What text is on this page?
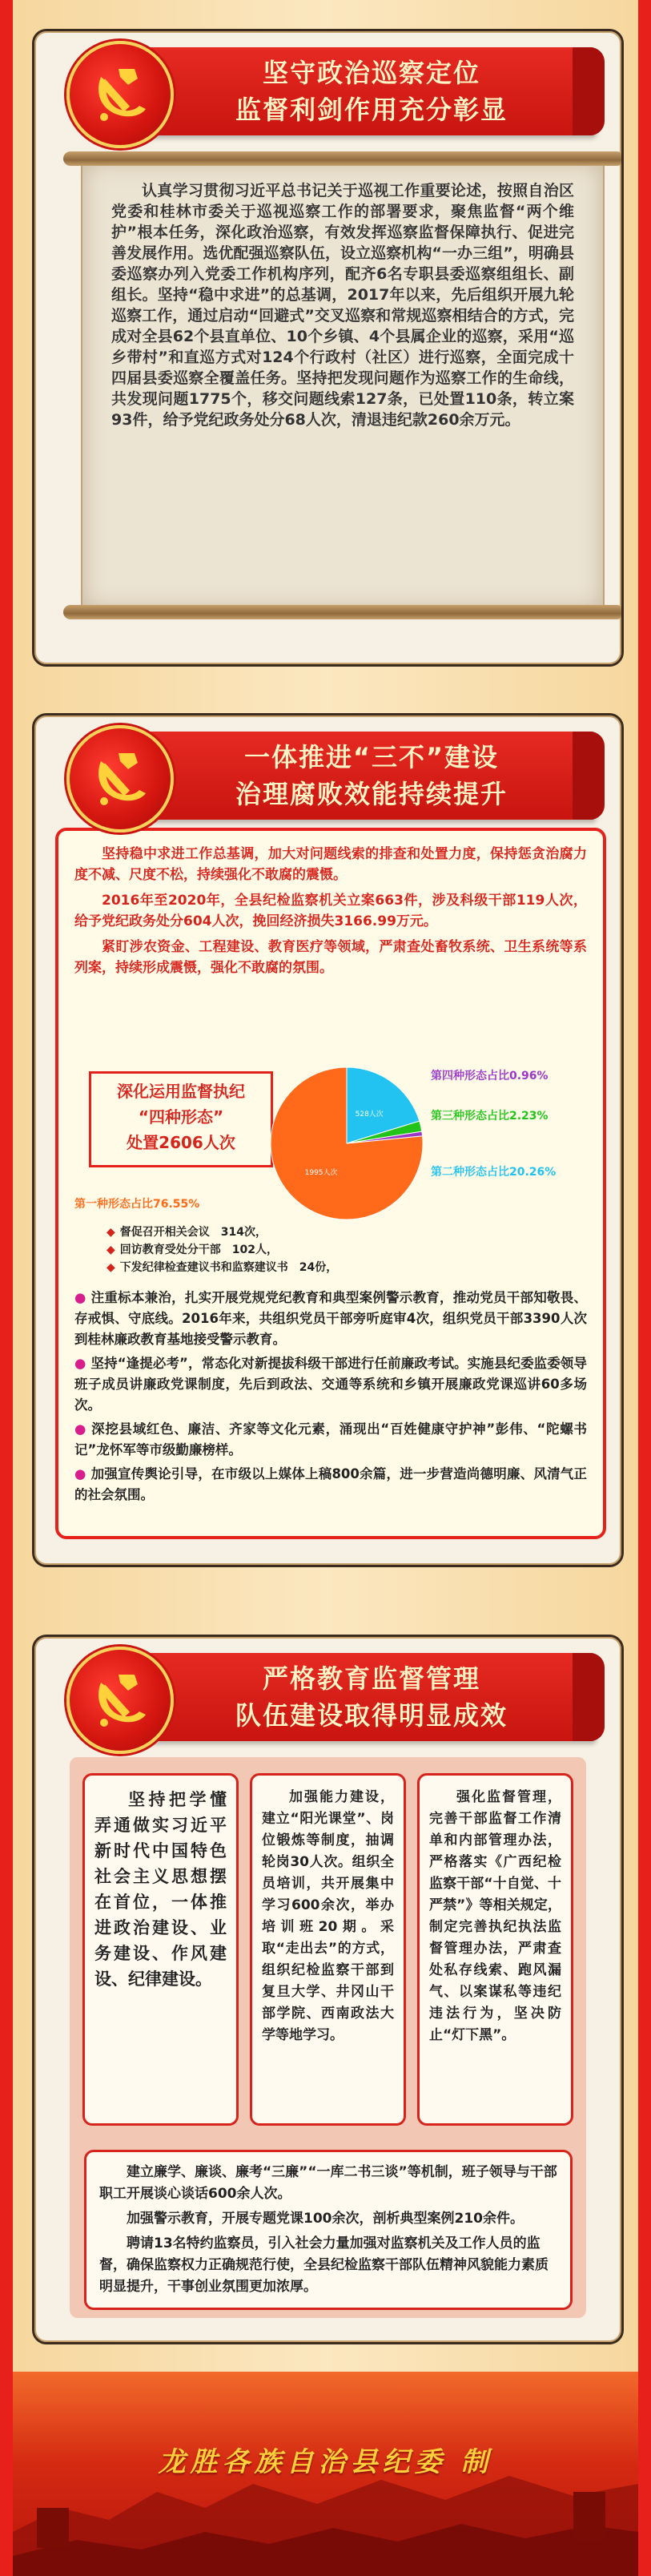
坚守政治巡察定位
监督利剑作用充分彰显
认真学习贯彻习近平总书记关于巡视工作重要论述，按照自治区党委和桂林市委关于巡视巡察工作的部署要求，聚焦监督“两个维护”根本任务，深化政治巡察，有效发挥巡察监督保障执行、促进完善发展作用。选优配强巡察队伍，设立巡察机构“一办三组”，明确县委巡察办列入党委工作机构序列，配齐6名专职县委巡察组组长、副组长。坚持“稳中求进”的总基调，2017年以来，先后组织开展九轮巡察工作，通过启动“回避式”交叉巡察和常规巡察相结合的方式，完成对全县62个县直单位、10个乡镇、4个县属企业的巡察，采用“巡乡带村”和直巡方式对124个行政村（社区）进行巡察，全面完成十四届县委巡察全覆盖任务。坚持把发现问题作为巡察工作的生命线，共发现问题1775个，移交问题线索127条，已处置110条，转立案93件，给予党纪政务处分68人次，清退违纪款260余万元。
一体推进“三不”建设
治理腐败效能持续提升

坚持稳中求进工作总基调，加大对问题线索的排查和处置力度，保持惩贪治腐力度不减、尺度不松，持续强化不敢腐的震慑。

2016年至2020年，全县纪检监察机关立案663件，涉及科级干部119人次，给予党纪政务处分604人次，挽回经济损失3166.99万元。

紧盯涉农资金、工程建设、教育医疗等领域，严肃查处畜牧系统、卫生系统等系列案，持续形成震慑，强化不敢腐的氛围。

深化运用监督执纪
“四种形态”
处置2606人次
1995人次
528人次
第四种形态占比0.96%
第三种形态占比2.23%
第二种形态占比20.26%
第一种形态占比76.55%
◆ 督促召开相关会议　314次，
◆ 回访教育受处分干部　102人，
◆ 下发纪律检查建议书和监察建议书　24份，

● 注重标本兼治，扎实开展党规党纪教育和典型案例警示教育，推动党员干部知敬畏、存戒惧、守底线。2016年来，共组织党员干部旁听庭审4次，组织党员干部3390人次到桂林廉政教育基地接受警示教育。

● 坚持“逢提必考”，常态化对新提拔科级干部进行任前廉政考试。实施县纪委监委领导班子成员讲廉政党课制度，先后到政法、交通等系统和乡镇开展廉政党课巡讲60多场次。

● 深挖县域红色、廉洁、齐家等文化元素，涌现出“百姓健康守护神”彭伟、“陀螺书记”龙怀军等市级勤廉榜样。

● 加强宣传舆论引导，在市级以上媒体上稿800余篇，进一步营造尚德明廉、风清气正的社会氛围。

严格教育监督管理
队伍建设取得明显成效
坚持把学懂弄通做实习近平新时代中国特色社会主义思想摆在首位，一体推进政治建设、业务建设、作风建设、纪律建设。
加强能力建设，建立“阳光课堂”、岗位锻炼等制度，抽调轮岗30人次。组织全员培训，共开展集中学习600余次，举办培训班20期。采取“走出去”的方式，组织纪检监察干部到复旦大学、井冈山干部学院、西南政法大学等地学习。
强化监督管理，完善干部监督工作清单和内部管理办法，严格落实《广西纪检监察干部“十自觉、十严禁”》等相关规定，制定完善执纪执法监督管理办法，严肃查处私存线索、跑风漏气、以案谋私等违纪违法行为，坚决防止“灯下黑”。

建立廉学、廉谈、廉考“三廉”“一库二书三谈”等机制，班子领导与干部职工开展谈心谈话600余人次。

加强警示教育，开展专题党课100余次，剖析典型案例210余件。

聘请13名特约监察员，引入社会力量加强对监察机关及工作人员的监督，确保监察权力正确规范行使，全县纪检监察干部队伍精神风貌能力素质明显提升，干事创业氛围更加浓厚。

龙胜各族自治县纪委 制
